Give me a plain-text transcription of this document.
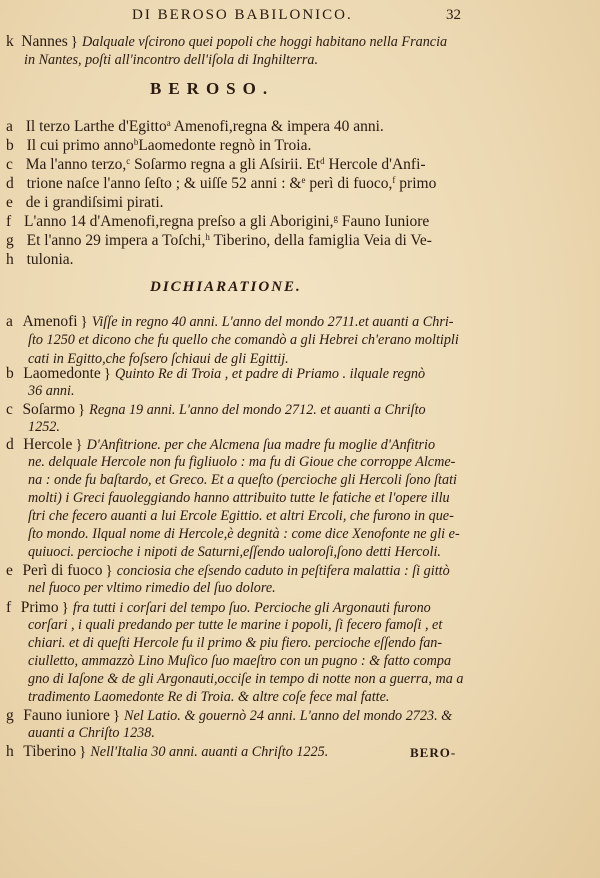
DI BEROSO BABILONICO.	32
k Nannes } Dalquale vſcirono quei popoli che hoggi habitano nella Francia
in Nantes, poſti all'incontro dell'iſola di Inghilterra.
BEROSO.
a Il terzo Larthe d'Egitto$^a$ Amenofi,regna & impera 40 anni.
b Il cui primo anno$^b$Laomedonte regnò in Troia.
c Ma l'anno terzo,$^c$ Soſarmo regna a gli Aſsirii. Et$^d$ Hercole d'Anfi-
d trione naſce l'anno ſeſto ; & uiſſe 52 anni : &$^e$ perì di fuoco,$^f$ primo
e de i grandiſsimi pirati.
f L'anno 14 d'Amenofi,regna preſso a gli Aborigini,$^g$ Fauno Iuniore
g Et l'anno 29 impera a Toſchi,$^h$ Tiberino, della famiglia Veia di Ve-
h tulonia.
DICHIARATIONE.
a Amenofi } Viſſe in regno 40 anni. L'anno del mondo 2711.et auanti a Chri-
ſto 1250 et dicono che fu quello che comandò a gli Hebrei ch'erano moltipli
cati in Egitto,che foſsero ſchiaui de gli Egittij.
b Laomedonte } Quinto Re di Troia , et padre di Priamo . ilquale regnò
36 anni.
c Soſarmo } Regna 19 anni. L'anno del mondo 2712. et auanti a Chriſto
1252.
d Hercole } D'Anfitrione. per che Alcmena ſua madre fu moglie d'Anfitrio
ne. delquale Hercole non fu figliuolo : ma fu di Gioue che corroppe Alcme-
na : onde fu baſtardo, et Greco. Et a queſto (percioche gli Hercoli ſono ſtati
molti) i Greci fauoleggiando hanno attribuito tutte le fatiche et l'opere illu
ſtri che fecero auanti a lui Ercole Egittio. et altri Ercoli, che furono in que-
ſto mondo. Ilqual nome di Hercole,è degnità : come dice Xenofonte ne gli e-
quiuoci. percioche i nipoti de Saturni,eſſendo ualoroſi,ſono detti Hercoli.
e Perì di fuoco } conciosia che eſsendo caduto in peſtifera malattia : ſi gittò
nel fuoco per vltimo rimedio del ſuo dolore.
f Primo } fra tutti i corſari del tempo ſuo. Percioche gli Argonauti furono
corſari , i quali predando per tutte le marine i popoli, ſi fecero famoſi , et
chiari. et di queſti Hercole fu il primo & piu fiero. percioche eſſendo fan-
ciulletto, ammazzò Lino Muſico ſuo maeſtro con un pugno : & fatto compa
gno di Iaſone & de gli Argonauti,occiſe in tempo di notte non a guerra, ma a
tradimento Laomedonte Re di Troia. & altre coſe fece mal fatte.
g Fauno iuniore } Nel Latio. & gouernò 24 anni. L'anno del mondo 2723. &
auanti a Chriſto 1238.
h Tiberino } Nell'Italia 30 anni. auanti a Chriſto 1225.	BERO-
